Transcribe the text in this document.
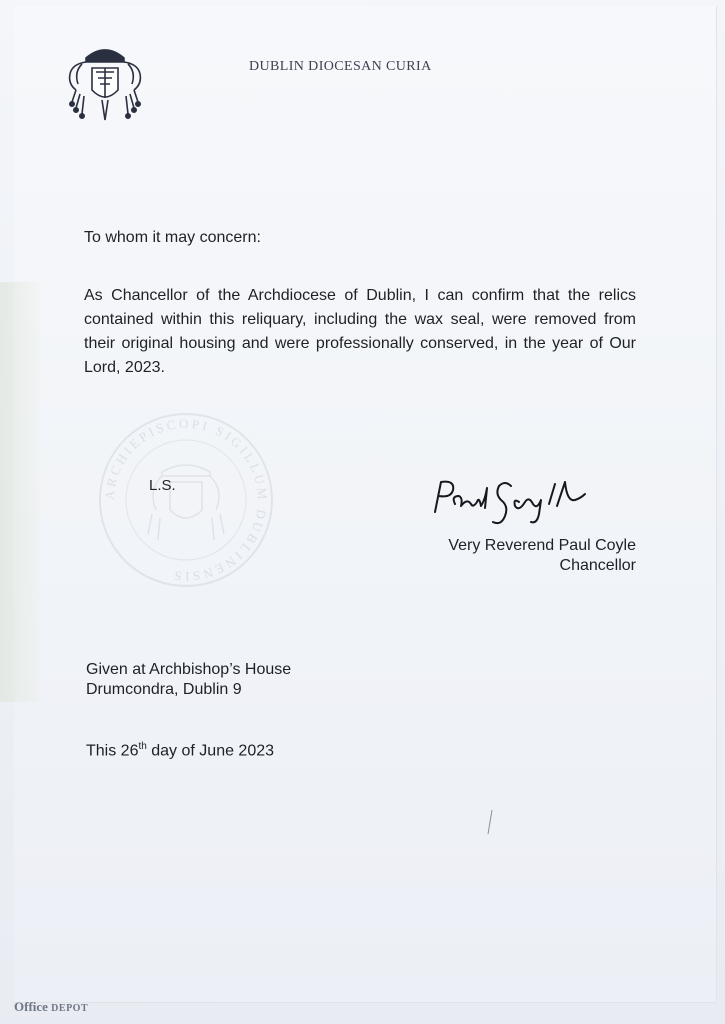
DUBLIN DIOCESAN CURIA
To whom it may concern:
As Chancellor of the Archdiocese of Dublin, I can confirm that the relics contained within this reliquary, including the wax seal, were removed from their original housing and were professionally conserved, in the year of Our Lord, 2023.
ARCHIEPISCOPI SIGILLUM DUBLINENSIS
L.S.
Very Reverend Paul Coyle
Chancellor
Given at Archbishop’s House
Drumcondra, Dublin 9
This 26th day of June 2023
Office DEPOT
